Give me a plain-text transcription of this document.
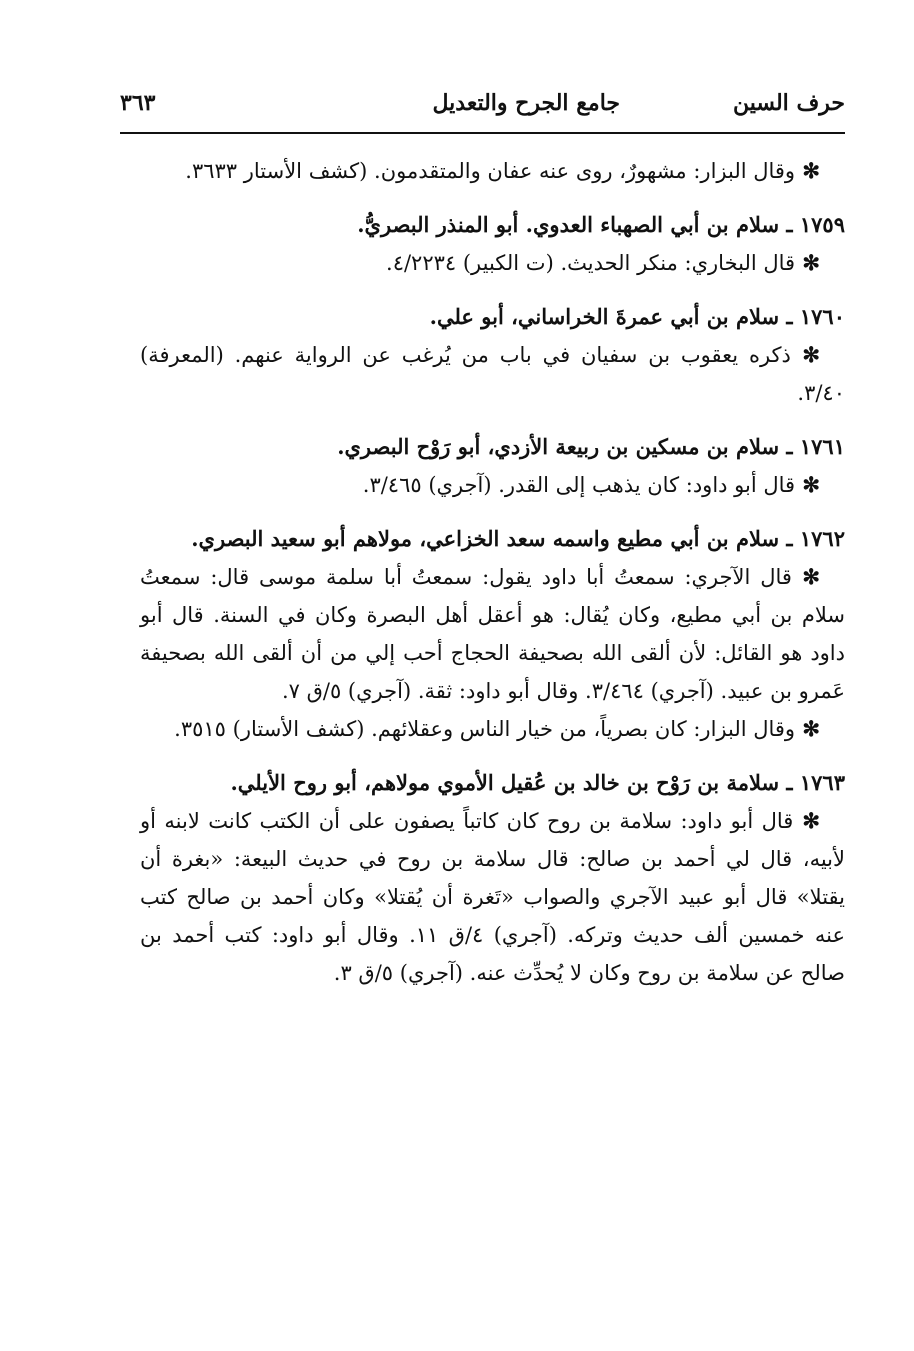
حرف السين
جامع الجرح والتعديل
٣٦٣

✻ وقال البزار: مشهورٌ، روى عنه عفان والمتقدمون. (كشف الأستار ٣٦٣٣.

١٧٥٩ ـ سلام بن أبي الصهباء العدوي. أبو المنذر البصريُّ.

✻ قال البخاري: منكر الحديث. (ت الكبير) ٤/٢٢٣٤.

١٧٦٠ ـ سلام بن أبي عمرةَ الخراساني، أبو علي.

✻ ذكره يعقوب بن سفيان في باب من يُرغب عن الرواية عنهم. (المعرفة) ٣/٤٠.

١٧٦١ ـ سلام بن مسكين بن ربيعة الأزدي، أبو رَوْح البصري.

✻ قال أبو داود: كان يذهب إلى القدر. (آجري) ٣/٤٦٥.

١٧٦٢ ـ سلام بن أبي مطيع واسمه سعد الخزاعي، مولاهم أبو سعيد البصري.

✻ قال الآجري: سمعتُ أبا داود يقول: سمعتُ أبا سلمة موسى قال: سمعتُ سلام بن أبي مطيع، وكان يُقال: هو أعقل أهل البصرة وكان في السنة. قال أبو داود هو القائل: لأن ألقى الله بصحيفة الحجاج أحب إلي من أن ألقى الله بصحيفة عَمرو بن عبيد. (آجري) ٣/٤٦٤. وقال أبو داود: ثقة. (آجري) ٥/ق ٧.

✻ وقال البزار: كان بصرياً، من خيار الناس وعقلائهم. (كشف الأستار) ٣٥١٥.

١٧٦٣ ـ سلامة بن رَوْح بن خالد بن عُقيل الأموي مولاهم، أبو روح الأيلي.

✻ قال أبو داود: سلامة بن روح كان كاتباً يصفون على أن الكتب كانت لابنه أو لأبيه، قال لي أحمد بن صالح: قال سلامة بن روح في حديث البيعة: «بغرة أن يقتلا» قال أبو عبيد الآجري والصواب «تَغرة أن يُقتلا» وكان أحمد بن صالح كتب عنه خمسين ألف حديث وتركه. (آجري) ٤/ق ١١. وقال أبو داود: كتب أحمد بن صالح عن سلامة بن روح وكان لا يُحدِّث عنه. (آجري) ٥/ق ٣.
